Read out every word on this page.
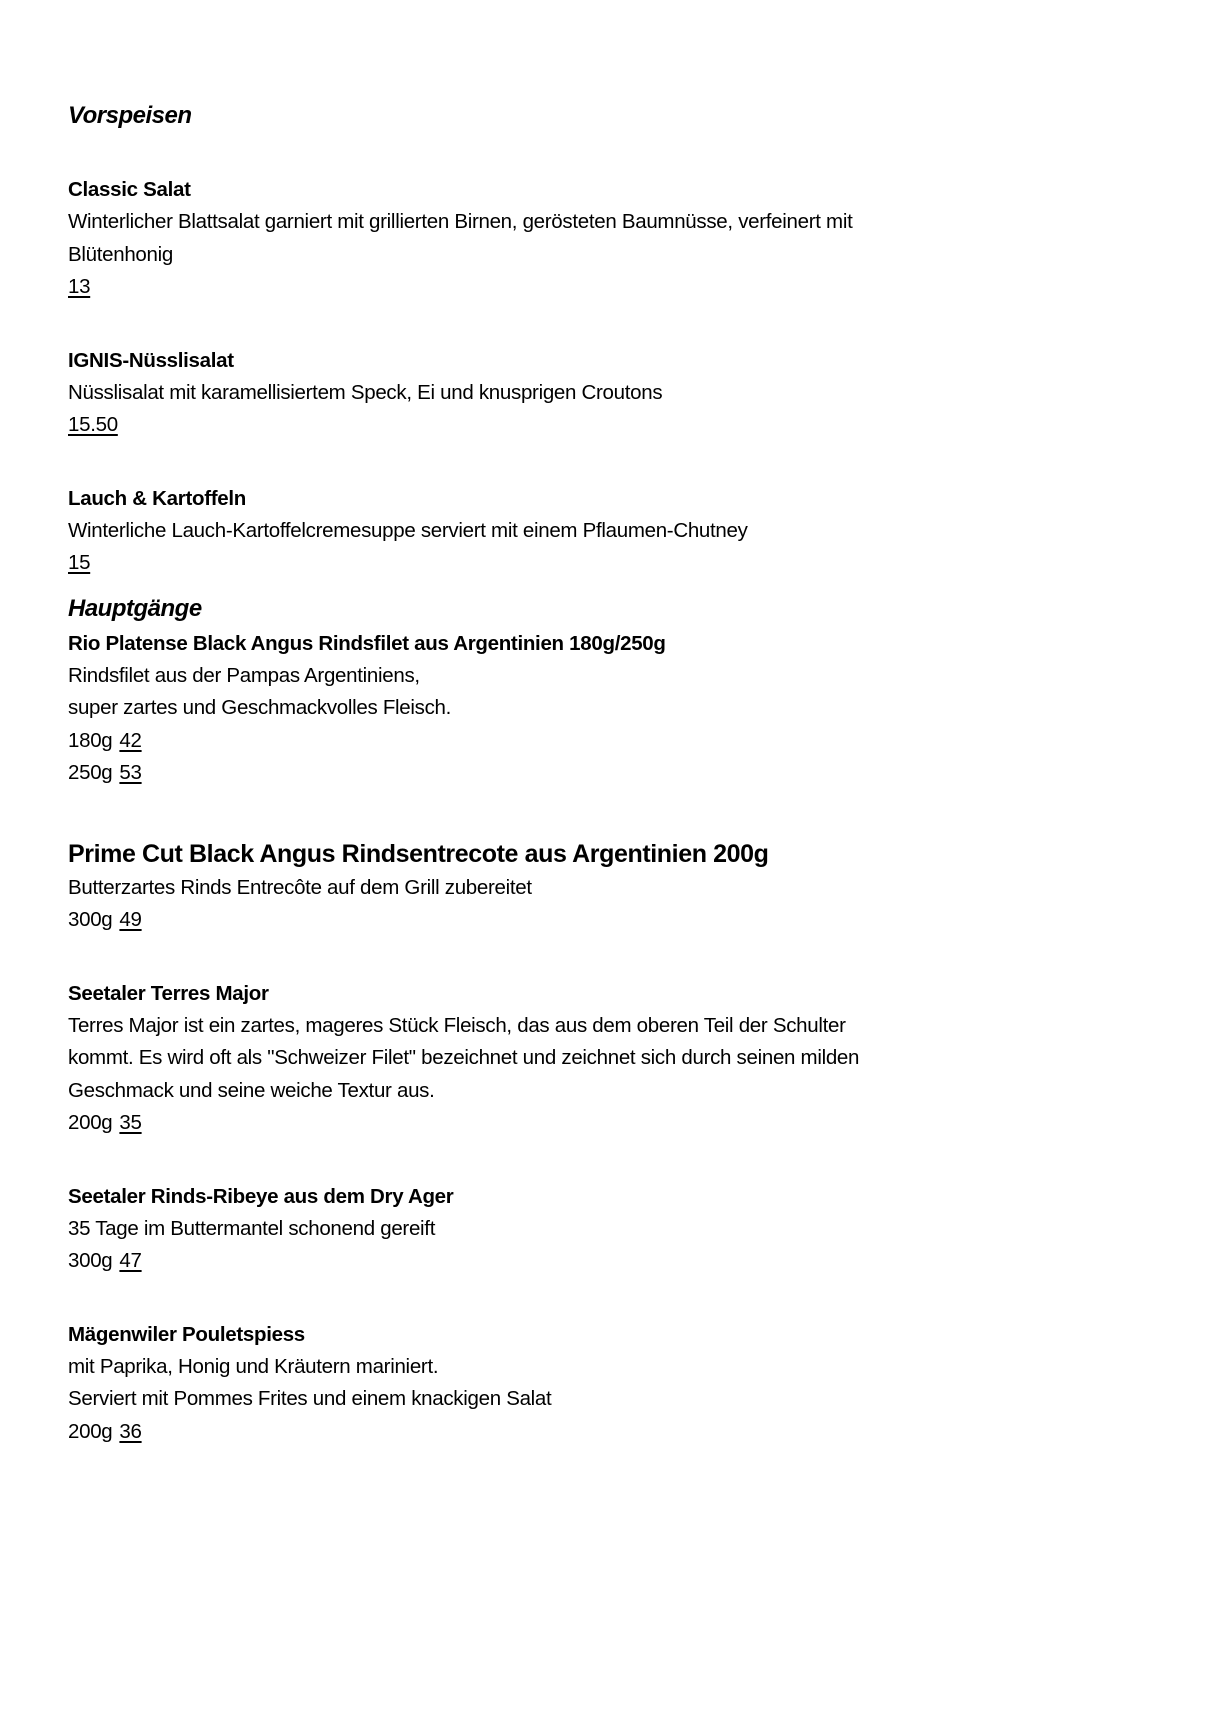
Vorspeisen
Classic Salat
Winterlicher Blattsalat garniert mit grillierten Birnen, gerösteten Baumnüsse, verfeinert mit
Blütenhonig
13
IGNIS-Nüsslisalat
Nüsslisalat mit karamellisiertem Speck, Ei und knusprigen Croutons
15.50
Lauch & Kartoffeln
Winterliche Lauch-Kartoffelcremesuppe serviert mit einem Pflaumen-Chutney
15
Hauptgänge
Rio Platense Black Angus Rindsfilet aus Argentinien 180g/250g
Rindsfilet aus der Pampas Argentiniens,
super zartes und Geschmackvolles Fleisch.
180g 42
250g 53
Prime Cut Black Angus Rindsentrecote aus Argentinien 200g
Butterzartes Rinds Entrecôte auf dem Grill zubereitet
300g 49
Seetaler Terres Major
Terres Major ist ein zartes, mageres Stück Fleisch, das aus dem oberen Teil der Schulter
kommt. Es wird oft als "Schweizer Filet" bezeichnet und zeichnet sich durch seinen milden
Geschmack und seine weiche Textur aus.
200g 35
Seetaler Rinds-Ribeye aus dem Dry Ager
35 Tage im Buttermantel schonend gereift
300g 47
Mägenwiler Pouletspiess
mit Paprika, Honig und Kräutern mariniert.
Serviert mit Pommes Frites und einem knackigen Salat
200g 36
